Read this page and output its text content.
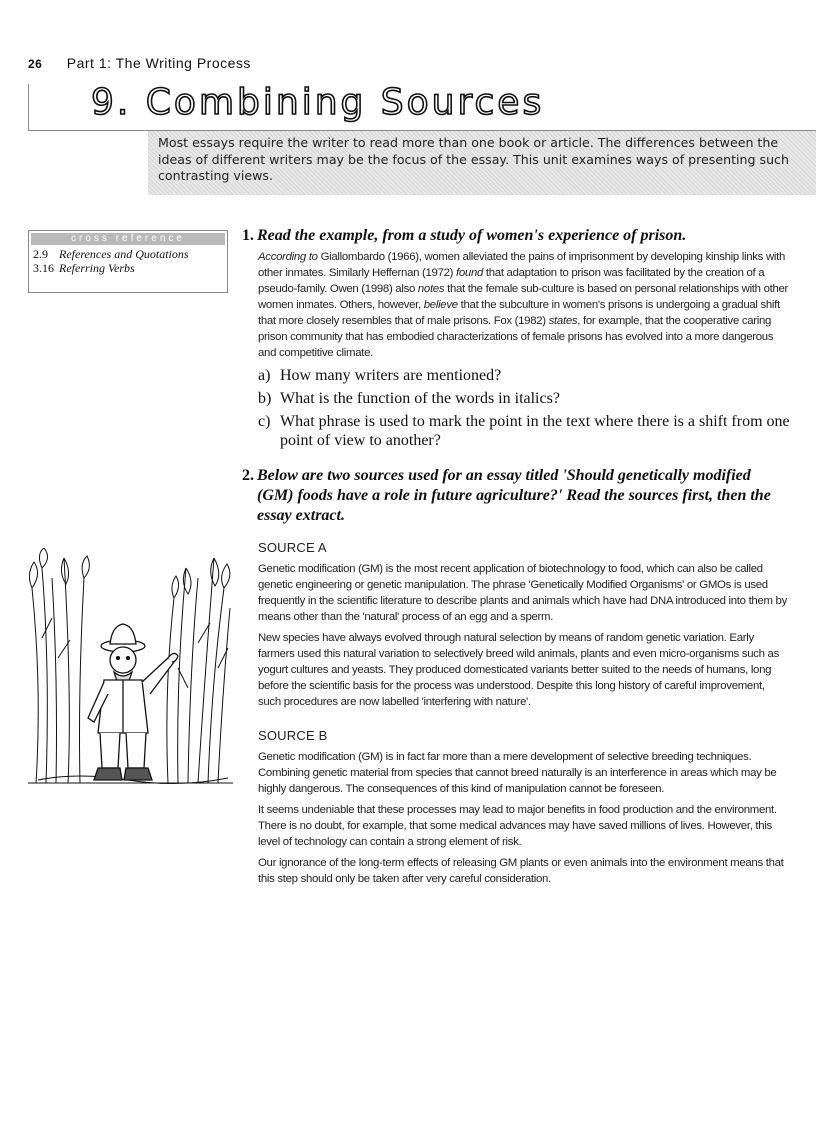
26 Part 1: The Writing Process
9. Combining Sources
Most essays require the writer to read more than one book or article. The differences between the ideas of different writers may be the focus of the essay. This unit examines ways of presenting such contrasting views.
cross reference
2.9 References and Quotations
3.16 Referring Verbs
1. Read the example, from a study of women's experience of prison.

According to Giallombardo (1966), women alleviated the pains of imprisonment by developing kinship links with other inmates. Similarly Heffernan (1972) found that adaptation to prison was facilitated by the creation of a pseudo-family. Owen (1998) also notes that the female sub-culture is based on personal relationships with other women inmates. Others, however, believe that the subculture in women's prisons is undergoing a gradual shift that more closely resembles that of male prisons. Fox (1982) states, for example, that the cooperative caring prison community that has embodied characterizations of female prisons has evolved into a more dangerous and competitive climate.

a) How many writers are mentioned?
b) What is the function of the words in italics?
c) What phrase is used to mark the point in the text where there is a shift from one point of view to another?
2. Below are two sources used for an essay titled 'Should genetically modified (GM) foods have a role in future agriculture?' Read the sources first, then the essay extract.
SOURCE A

Genetic modification (GM) is the most recent application of biotechnology to food, which can also be called genetic engineering or genetic manipulation. The phrase 'Genetically Modified Organisms' or GMOs is used frequently in the scientific literature to describe plants and animals which have had DNA introduced into them by means other than the 'natural' process of an egg and a sperm.

New species have always evolved through natural selection by means of random genetic variation. Early farmers used this natural variation to selectively breed wild animals, plants and even micro-organisms such as yogurt cultures and yeasts. They produced domesticated variants better suited to the needs of humans, long before the scientific basis for the process was understood. Despite this long history of careful improvement, such procedures are now labelled 'interfering with nature'.

SOURCE B

Genetic modification (GM) is in fact far more than a mere development of selective breeding techniques. Combining genetic material from species that cannot breed naturally is an interference in areas which may be highly dangerous. The consequences of this kind of manipulation cannot be foreseen.

It seems undeniable that these processes may lead to major benefits in food production and the environment. There is no doubt, for example, that some medical advances may have saved millions of lives. However, this level of technology can contain a strong element of risk.

Our ignorance of the long-term effects of releasing GM plants or even animals into the environment means that this step should only be taken after very careful consideration.
